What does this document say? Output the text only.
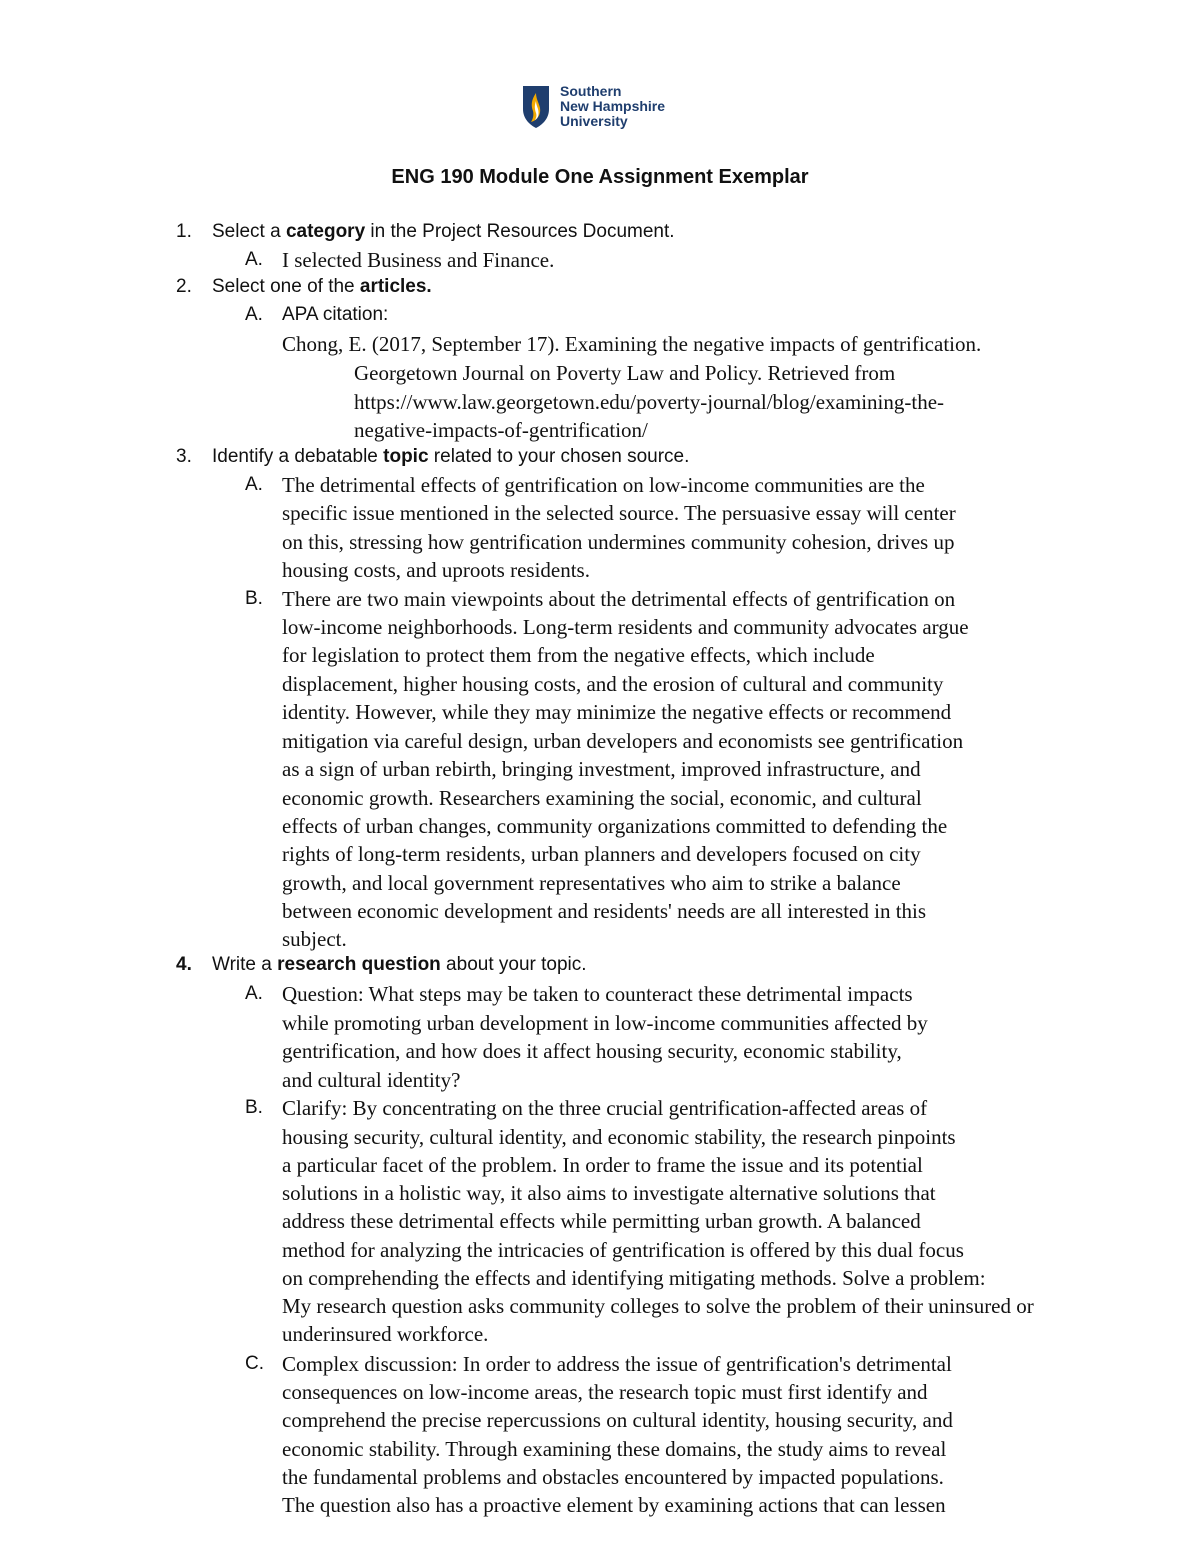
Southern
New Hampshire
University
ENG 190 Module One Assignment Exemplar
1. Select a category in the Project Resources Document.
A. I selected Business and Finance.
2. Select one of the articles.
A. APA citation:
Chong, E. (2017, September 17). Examining the negative impacts of gentrification.
Georgetown Journal on Poverty Law and Policy. Retrieved from
https://www.law.georgetown.edu/poverty-journal/blog/examining-the-
negative-impacts-of-gentrification/
3. Identify a debatable topic related to your chosen source.
A. The detrimental effects of gentrification on low-income communities are the
specific issue mentioned in the selected source. The persuasive essay will center
on this, stressing how gentrification undermines community cohesion, drives up
housing costs, and uproots residents.
B. There are two main viewpoints about the detrimental effects of gentrification on
low-income neighborhoods. Long-term residents and community advocates argue
for legislation to protect them from the negative effects, which include
displacement, higher housing costs, and the erosion of cultural and community
identity. However, while they may minimize the negative effects or recommend
mitigation via careful design, urban developers and economists see gentrification
as a sign of urban rebirth, bringing investment, improved infrastructure, and
economic growth. Researchers examining the social, economic, and cultural
effects of urban changes, community organizations committed to defending the
rights of long-term residents, urban planners and developers focused on city
growth, and local government representatives who aim to strike a balance
between economic development and residents' needs are all interested in this
subject.
4. Write a research question about your topic.
A. Question: What steps may be taken to counteract these detrimental impacts
while promoting urban development in low-income communities affected by
gentrification, and how does it affect housing security, economic stability,
and cultural identity?
B. Clarify: By concentrating on the three crucial gentrification-affected areas of
housing security, cultural identity, and economic stability, the research pinpoints
a particular facet of the problem. In order to frame the issue and its potential
solutions in a holistic way, it also aims to investigate alternative solutions that
address these detrimental effects while permitting urban growth. A balanced
method for analyzing the intricacies of gentrification is offered by this dual focus
on comprehending the effects and identifying mitigating methods. Solve a problem:
My research question asks community colleges to solve the problem of their uninsured or
underinsured workforce.
C. Complex discussion: In order to address the issue of gentrification's detrimental
consequences on low-income areas, the research topic must first identify and
comprehend the precise repercussions on cultural identity, housing security, and
economic stability. Through examining these domains, the study aims to reveal
the fundamental problems and obstacles encountered by impacted populations.
The question also has a proactive element by examining actions that can lessen
